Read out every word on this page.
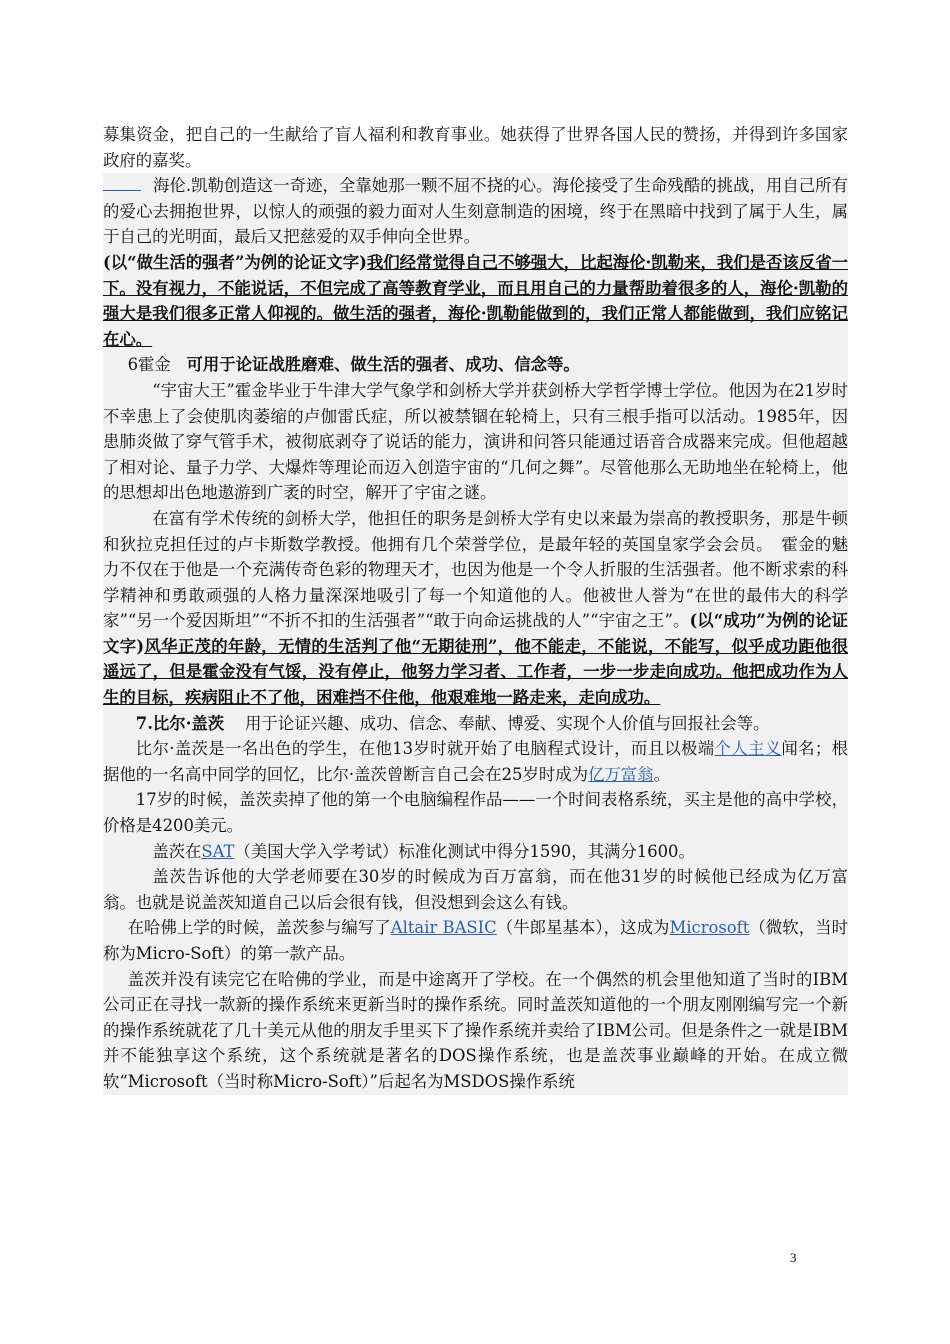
募集资金，把自己的一生献给了盲人福利和教育事业。她获得了世界各国人民的赞扬，并得到许多国家政府的嘉奖。

海伦.凯勒创造这一奇迹，全靠她那一颗不屈不挠的心。海伦接受了生命残酷的挑战，用自己所有的爱心去拥抱世界，以惊人的顽强的毅力面对人生刻意制造的困境，终于在黑暗中找到了属于人生，属于自己的光明面，最后又把慈爱的双手伸向全世界。

(以“做生活的强者”为例的论证文字)我们经常觉得自己不够强大，比起海伦·凯勒来，我们是否该反省一下。没有视力，不能说话，不但完成了高等教育学业，而且用自己的力量帮助着很多的人，海伦·凯勒的强大是我们很多正常人仰视的。做生活的强者，海伦·凯勒能做到的，我们正常人都能做到，我们应铭记在心。

6霍金 可用于论证战胜磨难、做生活的强者、成功、信念等。

“宇宙大王”霍金毕业于牛津大学气象学和剑桥大学并获剑桥大学哲学博士学位。他因为在21岁时不幸患上了会使肌肉萎缩的卢伽雷氏症，所以被禁锢在轮椅上，只有三根手指可以活动。1985年，因患肺炎做了穿气管手术，被彻底剥夺了说话的能力，演讲和问答只能通过语音合成器来完成。但他超越了相对论、量子力学、大爆炸等理论而迈入创造宇宙的“几何之舞”。尽管他那么无助地坐在轮椅上，他的思想却出色地遨游到广袤的时空，解开了宇宙之谜。

在富有学术传统的剑桥大学，他担任的职务是剑桥大学有史以来最为崇高的教授职务，那是牛顿和狄拉克担任过的卢卡斯数学教授。他拥有几个荣誉学位，是最年轻的英国皇家学会会员。　霍金的魅力不仅在于他是一个充满传奇色彩的物理天才，也因为他是一个令人折服的生活强者。他不断求索的科学精神和勇敢顽强的人格力量深深地吸引了每一个知道他的人。他被世人誉为“在世的最伟大的科学家”“另一个爱因斯坦”“不折不扣的生活强者”“敢于向命运挑战的人”“宇宙之王”。(以“成功”为例的论证文字)风华正茂的年龄，无情的生活判了他“无期徒刑”，他不能走，不能说，不能写，似乎成功距他很遥远了，但是霍金没有气馁，没有停止，他努力学习者、工作者，一步一步走向成功。他把成功作为人生的目标，疾病阻止不了他，困难挡不住他，他艰难地一路走来，走向成功。

7.比尔·盖茨 用于论证兴趣、成功、信念、奉献、博爱、实现个人价值与回报社会等。

比尔·盖茨是一名出色的学生，在他13岁时就开始了电脑程式设计，而且以极端个人主义闻名；根据他的一名高中同学的回忆，比尔·盖茨曾断言自己会在25岁时成为亿万富翁。

17岁的时候，盖茨卖掉了他的第一个电脑编程作品——一个时间表格系统，买主是他的高中学校，价格是4200美元。

盖茨在SAT（美国大学入学考试）标准化测试中得分1590，其满分1600。

盖茨告诉他的大学老师要在30岁的时候成为百万富翁，而在他31岁的时候他已经成为亿万富翁。也就是说盖茨知道自己以后会很有钱，但没想到会这么有钱。

在哈佛上学的时候，盖茨参与编写了Altair BASIC（牛郎星基本），这成为Microsoft（微软，当时称为Micro-Soft）的第一款产品。

盖茨并没有读完它在哈佛的学业，而是中途离开了学校。在一个偶然的机会里他知道了当时的IBM公司正在寻找一款新的操作系统来更新当时的操作系统。同时盖茨知道他的一个朋友刚刚编写完一个新的操作系统就花了几十美元从他的朋友手里买下了操作系统并卖给了IBM公司。但是条件之一就是IBM并不能独享这个系统，这个系统就是著名的DOS操作系统，也是盖茨事业巅峰的开始。在成立微软“Microsoft（当时称Micro-Soft）”后起名为MSDOS操作系统

3
